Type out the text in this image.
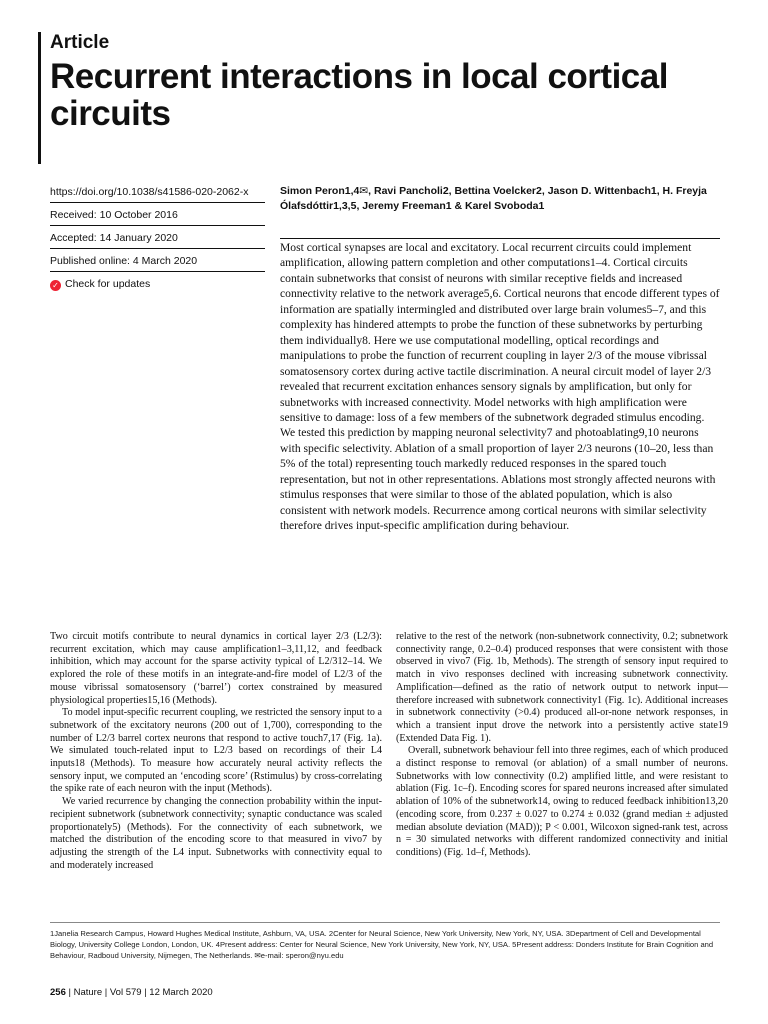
Article
Recurrent interactions in local cortical circuits
https://doi.org/10.1038/s41586-020-2062-x
Received: 10 October 2016
Accepted: 14 January 2020
Published online: 4 March 2020
✓ Check for updates
Simon Peron1,4✉, Ravi Pancholi2, Bettina Voelcker2, Jason D. Wittenbach1, H. Freyja Ólafsdóttir1,3,5, Jeremy Freeman1 & Karel Svoboda1
Most cortical synapses are local and excitatory. Local recurrent circuits could implement amplification, allowing pattern completion and other computations1–4. Cortical circuits contain subnetworks that consist of neurons with similar receptive fields and increased connectivity relative to the network average5,6. Cortical neurons that encode different types of information are spatially intermingled and distributed over large brain volumes5–7, and this complexity has hindered attempts to probe the function of these subnetworks by perturbing them individually8. Here we use computational modelling, optical recordings and manipulations to probe the function of recurrent coupling in layer 2/3 of the mouse vibrissal somatosensory cortex during active tactile discrimination. A neural circuit model of layer 2/3 revealed that recurrent excitation enhances sensory signals by amplification, but only for subnetworks with increased connectivity. Model networks with high amplification were sensitive to damage: loss of a few members of the subnetwork degraded stimulus encoding. We tested this prediction by mapping neuronal selectivity7 and photoablating9,10 neurons with specific selectivity. Ablation of a small proportion of layer 2/3 neurons (10–20, less than 5% of the total) representing touch markedly reduced responses in the spared touch representation, but not in other representations. Ablations most strongly affected neurons with stimulus responses that were similar to those of the ablated population, which is also consistent with network models. Recurrence among cortical neurons with similar selectivity therefore drives input-specific amplification during behaviour.

Two circuit motifs contribute to neural dynamics in cortical layer 2/3 (L2/3): recurrent excitation, which may cause amplification1–3,11,12, and feedback inhibition, which may account for the sparse activity typical of L2/312–14. We explored the role of these motifs in an integrate-and-fire model of L2/3 of the mouse vibrissal somatosensory (‘barrel’) cortex constrained by measured physiological properties15,16 (Methods).

To model input-specific recurrent coupling, we restricted the sensory input to a subnetwork of the excitatory neurons (200 out of 1,700), corresponding to the number of L2/3 barrel cortex neurons that respond to active touch7,17 (Fig. 1a). We simulated touch-related input to L2/3 based on recordings of their L4 inputs18 (Methods). To measure how accurately neural activity reflects the sensory input, we computed an ‘encoding score’ (Rstimulus) by cross-correlating the spike rate of each neuron with the input (Methods).

We varied recurrence by changing the connection probability within the input-recipient subnetwork (subnetwork connectivity; synaptic conductance was scaled proportionately5) (Methods). For the connectivity of each subnetwork, we matched the distribution of the encoding score to that measured in vivo7 by adjusting the strength of the L4 input. Subnetworks with connectivity equal to and moderately increased

relative to the rest of the network (non-subnetwork connectivity, 0.2; subnetwork connectivity range, 0.2–0.4) produced responses that were consistent with those observed in vivo7 (Fig. 1b, Methods). The strength of sensory input required to match in vivo responses declined with increasing subnetwork connectivity. Amplification—defined as the ratio of network output to network input—therefore increased with subnetwork connectivity1 (Fig. 1c). Additional increases in subnetwork connectivity (>0.4) produced all-or-none network responses, in which a transient input drove the network into a persistently active state19 (Extended Data Fig. 1).

Overall, subnetwork behaviour fell into three regimes, each of which produced a distinct response to removal (or ablation) of a small number of neurons. Subnetworks with low connectivity (0.2) amplified little, and were resistant to ablation (Fig. 1c–f). Encoding scores for spared neurons increased after simulated ablation of 10% of the subnetwork14, owing to reduced feedback inhibition13,20 (encoding score, from 0.237 ± 0.027 to 0.274 ± 0.032 (grand median ± adjusted median absolute deviation (MAD)); P < 0.001, Wilcoxon signed-rank test, across n = 30 simulated networks with different randomized connectivity and initial conditions) (Fig. 1d–f, Methods).

1Janelia Research Campus, Howard Hughes Medical Institute, Ashburn, VA, USA. 2Center for Neural Science, New York University, New York, NY, USA. 3Department of Cell and Developmental Biology, University College London, London, UK. 4Present address: Center for Neural Science, New York University, New York, NY, USA. 5Present address: Donders Institute for Brain Cognition and Behaviour, Radboud University, Nijmegen, The Netherlands. ✉e-mail: speron@nyu.edu
256 | Nature | Vol 579 | 12 March 2020
